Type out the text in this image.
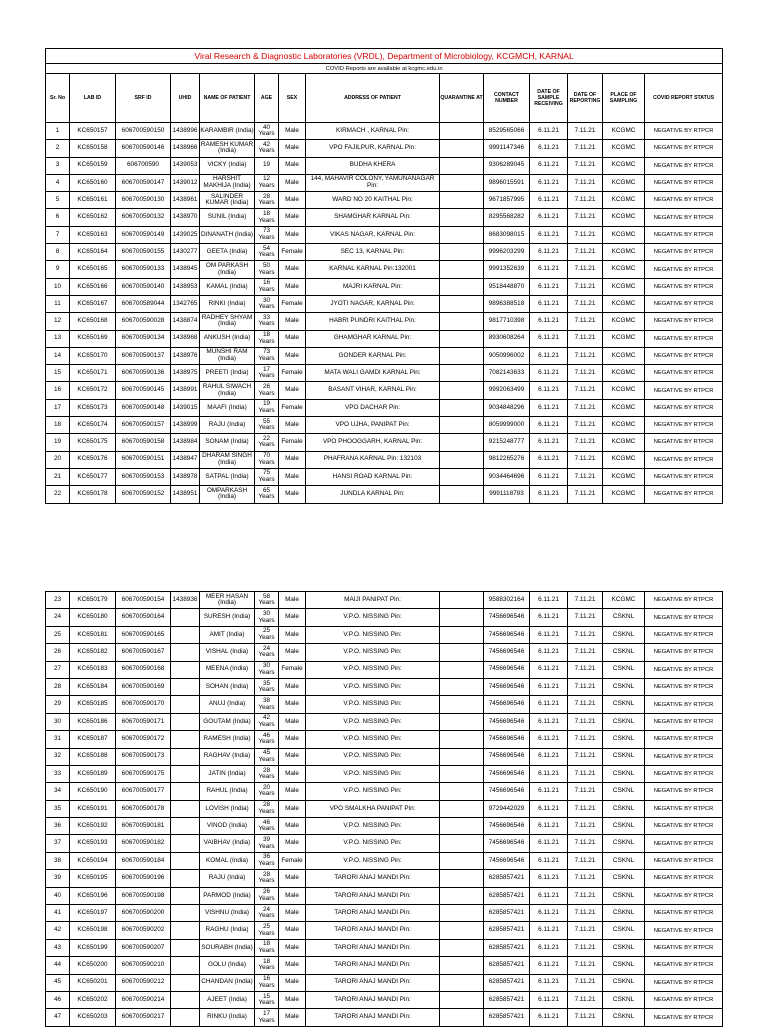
Viral Research & Diagnostic Laboratories (VRDL), Department of Microbiology, KCGMCH, KARNAL													
COVID Reports are available at kcgmc.edu.in													
Sr. No	LAB ID	SRF ID	UHID	NAME OF PATIENT	AGE	SEX	ADDRESS OF PATIENT	QUARANTINE AT	CONTACT NUMBER	DATE OF SAMPLE RECEIVING	DATE OF REPORTING	PLACE OF SAMPLING	COVID REPORT STATUS
1	KC650157	606700590150	1438996	KARAMBIR (India)	40 Years	Male	KIRMACH , KARNAL Pin:		8529565066	6.11.21	7.11.21	KCGMC	NEGATIVE BY RTPCR
2	KC650158	606700590146	1438966	RAMESH KUMAR (India)	42 Years	Male	VPO FAJILPUR, KARNAL Pin:		9991147346	6.11.21	7.11.21	KCGMC	NEGATIVE BY RTPCR
3	KC650159	606700590	1439053	VICKY (India)	19	Male	BUDHA KHERA		9306289045	6.11.21	7.11.21	KCGMC	NEGATIVE BY RTPCR
4	KC650160	606700590147	1439012	HARSHIT MAKHIJA (India)	12 Years	Male	144, MAHAVIR COLONY, YAMUNANAGAR Pin:		9896015591	6.11.21	7.11.21	KCGMC	NEGATIVE BY RTPCR
5	KC650161	606700590130	1438961	SALINDER KUMAR (India)	28 Years	Male	WARD NO 20 KAITHAL Pin:		9671857995	6.11.21	7.11.21	KCGMC	NEGATIVE BY RTPCR
6	KC650162	606700590132	1438970	SUNIL (India)	18 Years	Male	SHAMGHAR KARNAL Pin:		8295568282	6.11.21	7.11.21	KCGMC	NEGATIVE BY RTPCR
7	KC650163	606700590149	1439025	DINANATH (India)	73 Years	Male	VIKAS NAGAR, KARNAL Pin:		8683098015	6.11.21	7.11.21	KCGMC	NEGATIVE BY RTPCR
8	KC650164	606700590155	1430277	GEETA (India)	54 Years	Female	SEC 13, KARNAL Pin:		9996203299	6.11.21	7.11.21	KCGMC	NEGATIVE BY RTPCR
9	KC650165	606700590133	1438945	OM PARKASH (India)	50 Years	Male	KARNAL KARNAL Pin:132001		9991352639	6.11.21	7.11.21	KCGMC	NEGATIVE BY RTPCR
10	KC650166	606700590140	1438953	KAMAL (India)	16 Years	Male	MAJRI KARNAL Pin:		9518448870	6.11.21	7.11.21	KCGMC	NEGATIVE BY RTPCR
11	KC650167	606700589044	1342765	RINKI (India)	30 Years	Female	JYOTI NAGAR, KARNAL Pin:		9896388518	6.11.21	7.11.21	KCGMC	NEGATIVE BY RTPCR
12	KC650168	606700590028	1438874	RADHEY SHYAM (India)	33 Years	Male	HABRI PUNDRI KAITHAL Pin:		9817710398	6.11.21	7.11.21	KCGMC	NEGATIVE BY RTPCR
13	KC650169	606700590134	1438968	ANKUSH (India)	18 Years	Male	GHAMGHAR KARNAL Pin:		8930608264	6.11.21	7.11.21	KCGMC	NEGATIVE BY RTPCR
14	KC650170	606700590137	1438976	MUNSHI RAM (India)	73 Years	Male	GONDER KARNAL Pin:		9050996002	6.11.21	7.11.21	KCGMC	NEGATIVE BY RTPCR
15	KC650171	606700590136	1438975	PREETI (India)	17 Years	Female	MATA WALI GAMDI KARNAL Pin:		7082143633	6.11.21	7.11.21	KCGMC	NEGATIVE BY RTPCR
16	KC650172	606700590145	1438991	RAHUL SIWACH (India)	26 Years	Male	BASANT VIHAR, KARNAL Pin:		9992063499	6.11.21	7.11.21	KCGMC	NEGATIVE BY RTPCR
17	KC650173	606700590148	1439015	MAAFI (India)	19 Years	Female	VPO DACHAR Pin:		9034848296	6.11.21	7.11.21	KCGMC	NEGATIVE BY RTPCR
18	KC650174	606700590157	1438999	RAJU (India)	55 Years	Male	VPO UJHA, PANIPAT Pin:		8059999000	6.11.21	7.11.21	KCGMC	NEGATIVE BY RTPCR
19	KC650175	606700590158	1438984	SONAM (India)	22 Years	Female	VPO PHOOGGARH, KARNAL Pin:		9215248777	6.11.21	7.11.21	KCGMC	NEGATIVE BY RTPCR
20	KC650176	606700590151	1438947	DHARAM SINGH (India)	70 Years	Male	PHAFRANA KARNAL Pin: 132103		9812265276	6.11.21	7.11.21	KCGMC	NEGATIVE BY RTPCR
21	KC650177	606700590153	1438978	SATPAL (India)	75 Years	Male	HANSI ROAD KARNAL Pin:		9034464696	6.11.21	7.11.21	KCGMC	NEGATIVE BY RTPCR
22	KC650178	606700590152	1438951	OMPARKASH (India)	65 Years	Male	JUNDLA KARNAL Pin:		9991118793	6.11.21	7.11.21	KCGMC	NEGATIVE BY RTPCR
23	KC650179	606700590154	1438936	MEER HASAN (India)	58 Years	Male	MAIJI PANIPAT Pin:		9588302164	6.11.21	7.11.21	KCGMC	NEGATIVE BY RTPCR
24	KC650180	606700590164		SURESH (India)	30 Years	Male	V.P.O. NISSING Pin:		7456696546	6.11.21	7.11.21	CSKNL	NEGATIVE BY RTPCR
25	KC650181	606700590165		AMIT (India)	25 Years	Male	V.P.O. NISSING Pin:		7456696546	6.11.21	7.11.21	CSKNL	NEGATIVE BY RTPCR
26	KC650182	606700590167		VISHAL (India)	24 Years	Male	V.P.O. NISSING Pin:		7456696546	6.11.21	7.11.21	CSKNL	NEGATIVE BY RTPCR
27	KC650183	606700590168		MEENA (India)	30 Years	Female	V.P.O. NISSING Pin:		7456696546	6.11.21	7.11.21	CSKNL	NEGATIVE BY RTPCR
28	KC650184	606700590169		SOHAN (India)	35 Years	Male	V.P.O. NISSING Pin:		7456696546	6.11.21	7.11.21	CSKNL	NEGATIVE BY RTPCR
29	KC650185	606700590170		ANUJ (India)	38 Years	Male	V.P.O. NISSING Pin:		7456696546	6.11.21	7.11.21	CSKNL	NEGATIVE BY RTPCR
30	KC650186	606700590171		GOUTAM (India)	42 Years	Male	V.P.O. NISSING Pin:		7456696546	6.11.21	7.11.21	CSKNL	NEGATIVE BY RTPCR
31	KC650187	606700590172		RAMESH (India)	46 Years	Male	V.P.O. NISSING Pin:		7456696546	6.11.21	7.11.21	CSKNL	NEGATIVE BY RTPCR
32	KC650188	606700590173		RAGHAV (India)	45 Years	Male	V.P.O. NISSING Pin:		7456696546	6.11.21	7.11.21	CSKNL	NEGATIVE BY RTPCR
33	KC650189	606700590175		JATIN (India)	28 Years	Male	V.P.O. NISSING Pin:		7456696546	6.11.21	7.11.21	CSKNL	NEGATIVE BY RTPCR
34	KC650190	606700590177		RAHUL (India)	20 Years	Male	V.P.O. NISSING Pin:		7456696546	6.11.21	7.11.21	CSKNL	NEGATIVE BY RTPCR
35	KC650191	606700590178		LOVISH (India)	28 Years	Male	VPO SMALKHA PANIPAT Pin:		9729442029	6.11.21	7.11.21	CSKNL	NEGATIVE BY RTPCR
36	KC650192	606700590181		VINOD (India)	46 Years	Male	V.P.O. NISSING Pin:		7456696546	6.11.21	7.11.21	CSKNL	NEGATIVE BY RTPCR
37	KC650193	606700590182		VAIBHAV (India)	39 Years	Male	V.P.O. NISSING Pin:		7456696546	6.11.21	7.11.21	CSKNL	NEGATIVE BY RTPCR
38	KC650194	606700590184		KOMAL (India)	36 Years	Female	V.P.O. NISSING Pin:		7456696546	6.11.21	7.11.21	CSKNL	NEGATIVE BY RTPCR
39	KC650195	606700590196		RAJU (India)	28 Years	Male	TARORI ANAJ MANDI Pin:		6285857421	6.11.21	7.11.21	CSKNL	NEGATIVE BY RTPCR
40	KC650196	606700590198		PARMOD (India)	26 Years	Male	TARORI ANAJ MANDI Pin:		6285857421	6.11.21	7.11.21	CSKNL	NEGATIVE BY RTPCR
41	KC650197	606700590200		VISHNU (India)	24 Years	Male	TARORI ANAJ MANDI Pin:		6285857421	6.11.21	7.11.21	CSKNL	NEGATIVE BY RTPCR
42	KC650198	606700590202		RAGHU (India)	25 Years	Male	TARORI ANAJ MANDI Pin:		6285857421	6.11.21	7.11.21	CSKNL	NEGATIVE BY RTPCR
43	KC650199	606700590207		SOURABH (India)	18 Years	Male	TARORI ANAJ MANDI Pin:		6285857421	6.11.21	7.11.21	CSKNL	NEGATIVE BY RTPCR
44	KC650200	606700590210		GOLU (India)	18 Years	Male	TARORI ANAJ MANDI Pin:		6285857421	6.11.21	7.11.21	CSKNL	NEGATIVE BY RTPCR
45	KC650201	606700590212		CHANDAN (India)	16 Years	Male	TARORI ANAJ MANDI Pin:		6285857421	6.11.21	7.11.21	CSKNL	NEGATIVE BY RTPCR
46	KC650202	606700590214		AJEET (India)	15 Years	Male	TARORI ANAJ MANDI Pin:		6285857421	6.11.21	7.11.21	CSKNL	NEGATIVE BY RTPCR
47	KC650203	606700590217		RINKU (India)	17 Years	Male	TARORI ANAJ MANDI Pin:		6285857421	6.11.21	7.11.21	CSKNL	NEGATIVE BY RTPCR
